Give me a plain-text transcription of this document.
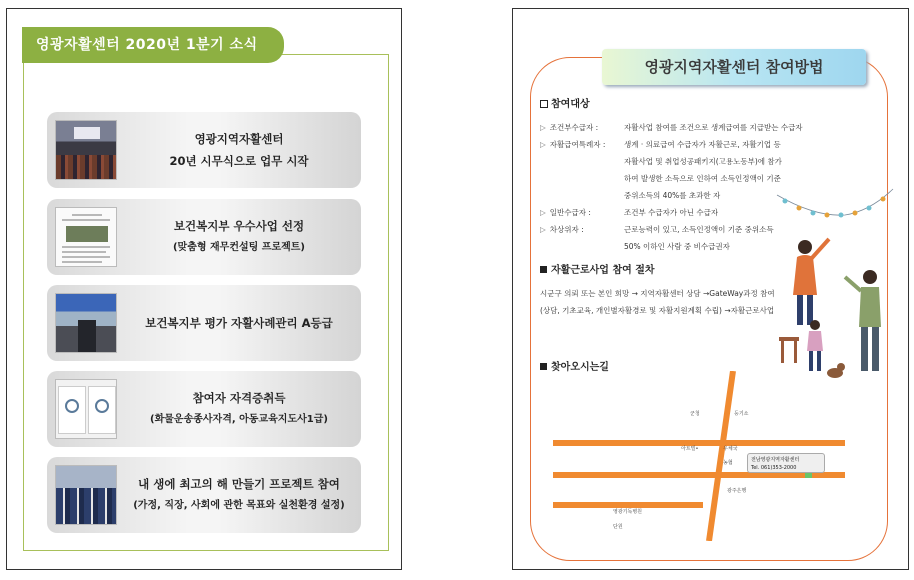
영광자활센터 2020년 1분기 소식
영광지역자활센터
20년 시무식으로 업무 시작
보건복지부 우수사업 선정
(맞춤형 재무컨설팅 프로젝트)
보건복지부 평가 자활사례관리 A등급
참여자 자격증취득
(화물운송종사자격, 아동교육지도사1급)
내 생에 최고의 해 만들기 프로젝트 참여
(가정, 직장, 사회에 관한 목표와 실천환경 설정)
영광지역자활센터 참여방법
참여대상
▷ 조건부수급자 :	자활사업 참여를 조건으로 생계급여를 지급받는 수급자
▷ 자활급여특례자 :	생계 · 의료급여 수급자가 자활근로, 자활기업 등 자활사업 및 취업성공패키지(고용노동부)에 참가하여 발생한 소득으로 인하여 소득인정액이 기준 중위소득의 40%를 초과한 자
▷ 일반수급자 :	조건부 수급자가 아닌 수급자
▷ 차상위자 :	근로능력이 있고, 소득인정액이 기준 중위소득 50% 이하인 사람 중 비수급권자
자활근로사업 참여 절차
시군구 의뢰 또는 본인 희망 → 지역자활센터 상담 →GateWay과정 참여(상담, 기초교육, 개인별자활경로 및 자활지원계획 수립) →자활근로사업
찾아오시는길
군청	등기소
아트빌•	우체국
농협
광주은행
영광기독병원
단원
전남영광지역자활센터
Tel. 061)353-2000
